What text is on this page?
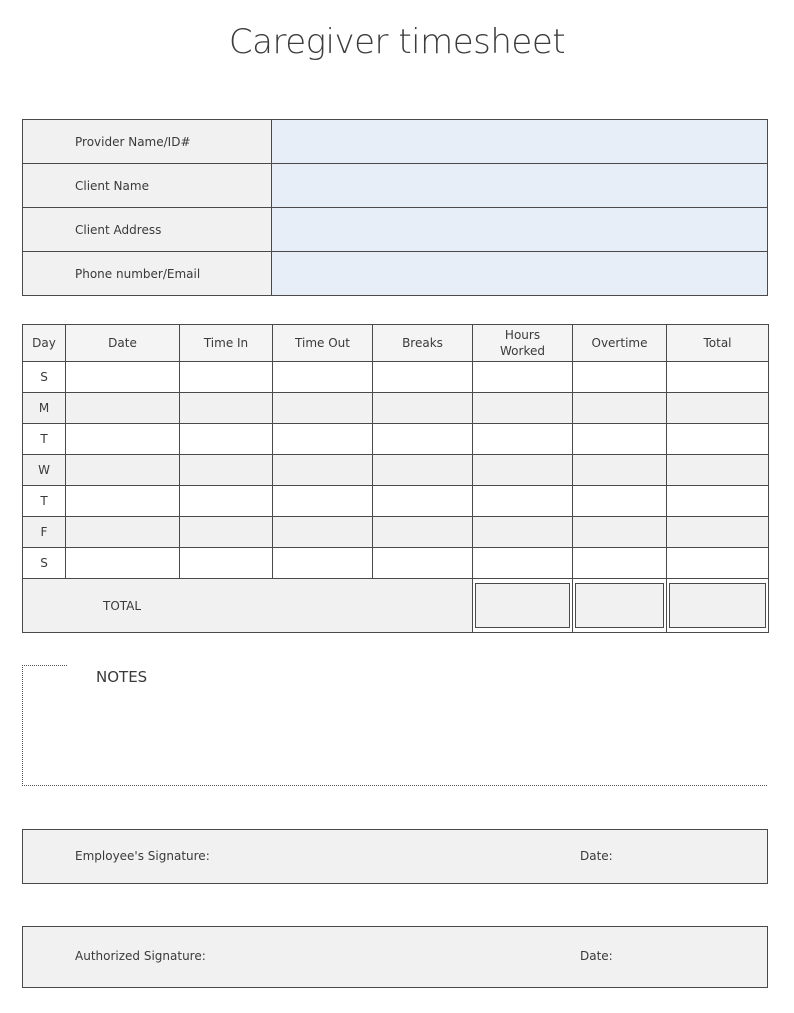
Caregiver timesheet
Provider Name/ID#	
Client Name	
Client Address	
Phone number/Email	
Day	Date	Time In	Time Out	Breaks	Hours Worked	Overtime	Total
S							
M							
T							
W							
T							
F							
S							
TOTAL					

NOTES
Employee's Signature:	Date:
Authorized Signature:	Date:
